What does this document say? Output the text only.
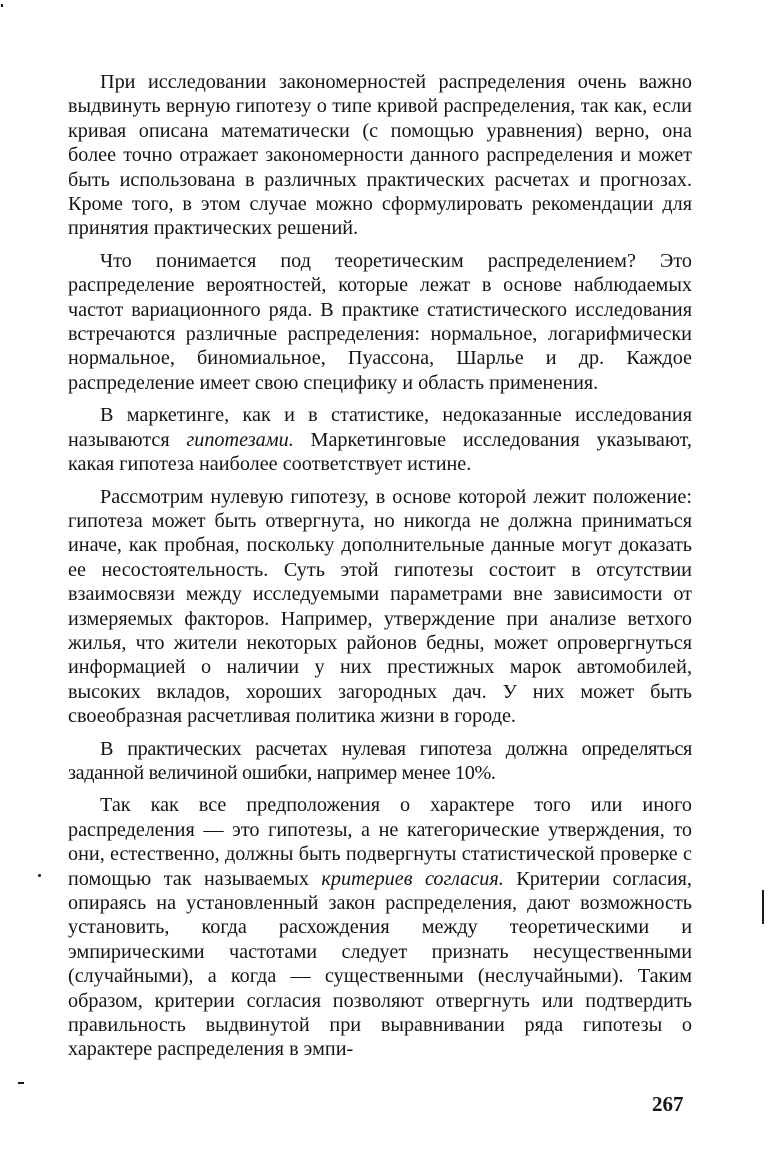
При исследовании закономерностей распределения очень важно выдвинуть верную гипотезу о типе кривой распределения, так как, если кривая описана математически (с помощью уравнения) верно, она более точно отражает закономерности данного распределения и может быть использована в различных практических расчетах и прогнозах. Кроме того, в этом случае можно сформулировать рекомендации для принятия практических решений.

Что понимается под теоретическим распределением? Это распределение вероятностей, которые лежат в основе наблюдаемых частот вариационного ряда. В практике статистического исследования встречаются различные распределения: нормальное, логарифмически нормальное, биномиальное, Пуассона, Шарлье и др. Каждое распределение имеет свою специфику и область применения.

В маркетинге, как и в статистике, недоказанные исследования называются гипотезами. Маркетинговые исследования указывают, какая гипотеза наиболее соответствует истине.

Рассмотрим нулевую гипотезу, в основе которой лежит положение: гипотеза может быть отвергнута, но никогда не должна приниматься иначе, как пробная, поскольку дополнительные данные могут доказать ее несостоятельность. Суть этой гипотезы состоит в отсутствии взаимосвязи между исследуемыми параметрами вне зависимости от измеряемых факторов. Например, утверждение при анализе ветхого жилья, что жители некоторых районов бедны, может опровергнуться информацией о наличии у них престижных марок автомобилей, высоких вкладов, хороших загородных дач. У них может быть своеобразная расчетливая политика жизни в городе.

В практических расчетах нулевая гипотеза должна определяться заданной величиной ошибки, например менее 10%.

Так как все предположения о характере того или иного распределения — это гипотезы, а не категорические утверждения, то они, естественно, должны быть подвергнуты статистической проверке с помощью так называемых критериев согласия. Критерии согласия, опираясь на установленный закон распределения, дают возможность установить, когда расхождения между теоретическими и эмпирическими частотами следует признать несущественными (случайными), а когда — существенными (неслучайными). Таким образом, критерии согласия позволяют отвергнуть или подтвердить правильность выдвинутой при выравнивании ряда гипотезы о характере распределения в эмпи-

267
